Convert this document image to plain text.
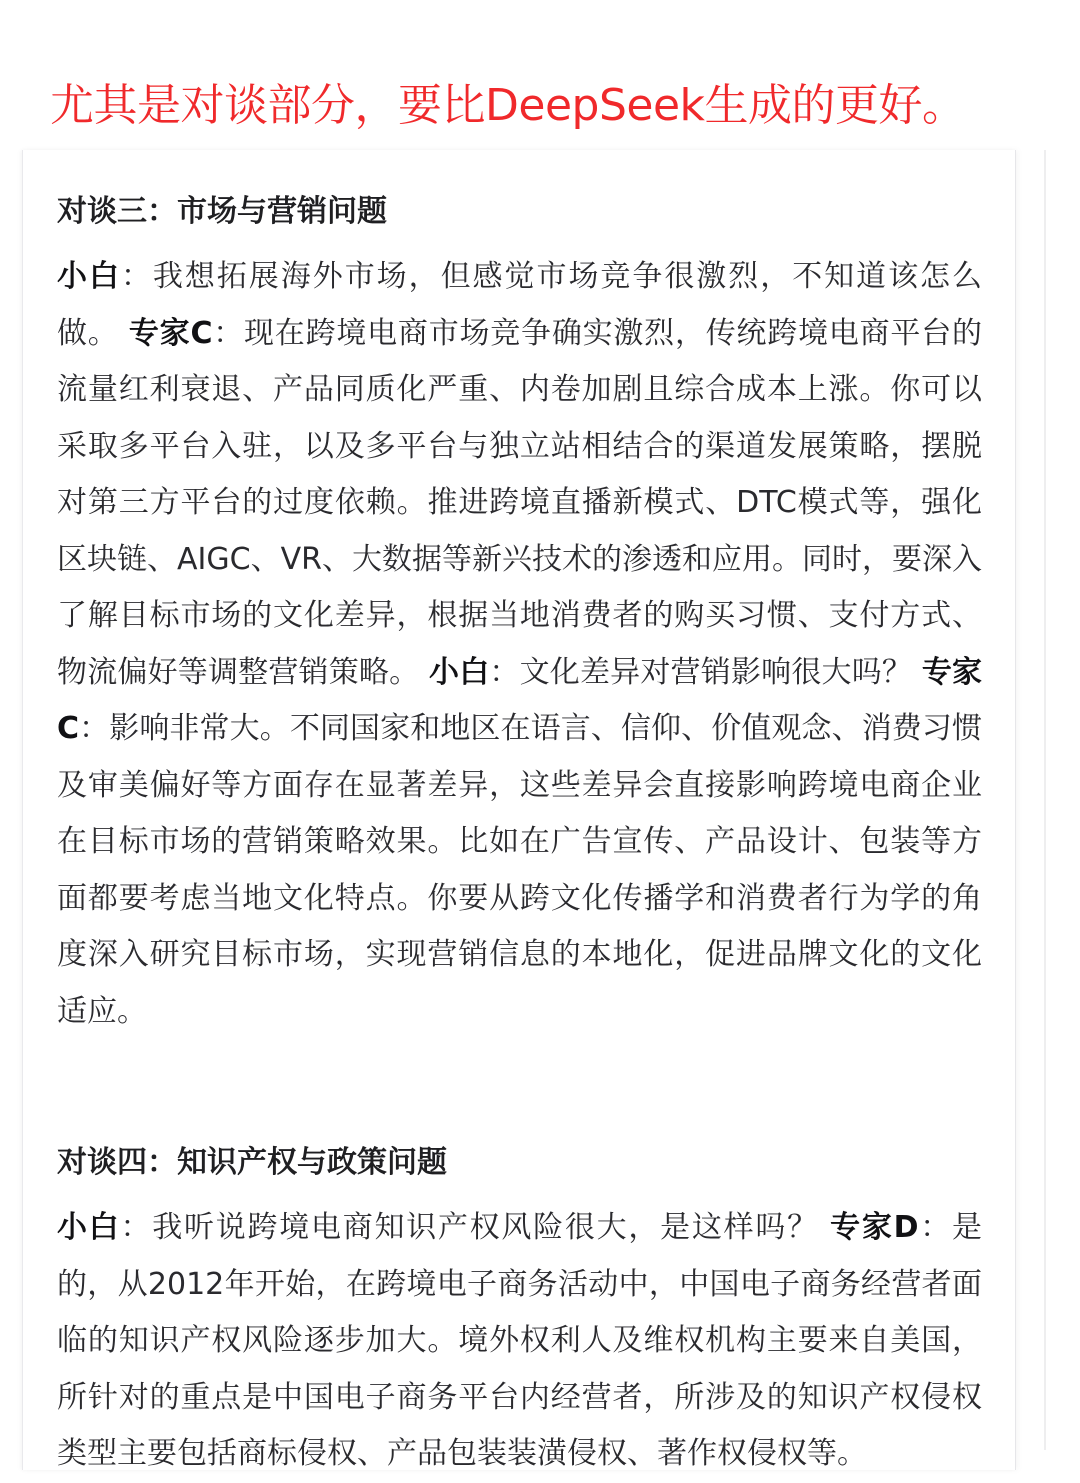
尤其是对谈部分，要比DeepSeek生成的更好。
对谈三：市场与营销问题
小白：我想拓展海外市场，但感觉市场竞争很激烈，不知道该怎么做。 专家C：现在跨境电商市场竞争确实激烈，传统跨境电商平台的流量红利衰退、产品同质化严重、内卷加剧且综合成本上涨。你可以采取多平台入驻，以及多平台与独立站相结合的渠道发展策略，摆脱对第三方平台的过度依赖。推进跨境直播新模式、DTC模式等，强化区块链、AIGC、VR、大数据等新兴技术的渗透和应用。同时，要深入了解目标市场的文化差异，根据当地消费者的购买习惯、支付方式、物流偏好等调整营销策略。 小白：文化差异对营销影响很大吗？ 专家C：影响非常大。不同国家和地区在语言、信仰、价值观念、消费习惯及审美偏好等方面存在显著差异，这些差异会直接影响跨境电商企业在目标市场的营销策略效果。比如在广告宣传、产品设计、包装等方面都要考虑当地文化特点。你要从跨文化传播学和消费者行为学的角度深入研究目标市场，实现营销信息的本地化，促进品牌文化的文化适应。
对谈四：知识产权与政策问题
小白：我听说跨境电商知识产权风险很大，是这样吗？ 专家D：是的，从2012年开始，在跨境电子商务活动中，中国电子商务经营者面临的知识产权风险逐步加大。境外权利人及维权机构主要来自美国，所针对的重点是中国电子商务平台内经营者，所涉及的知识产权侵权类型主要包括商标侵权、产品包装装潢侵权、著作权侵权等。
